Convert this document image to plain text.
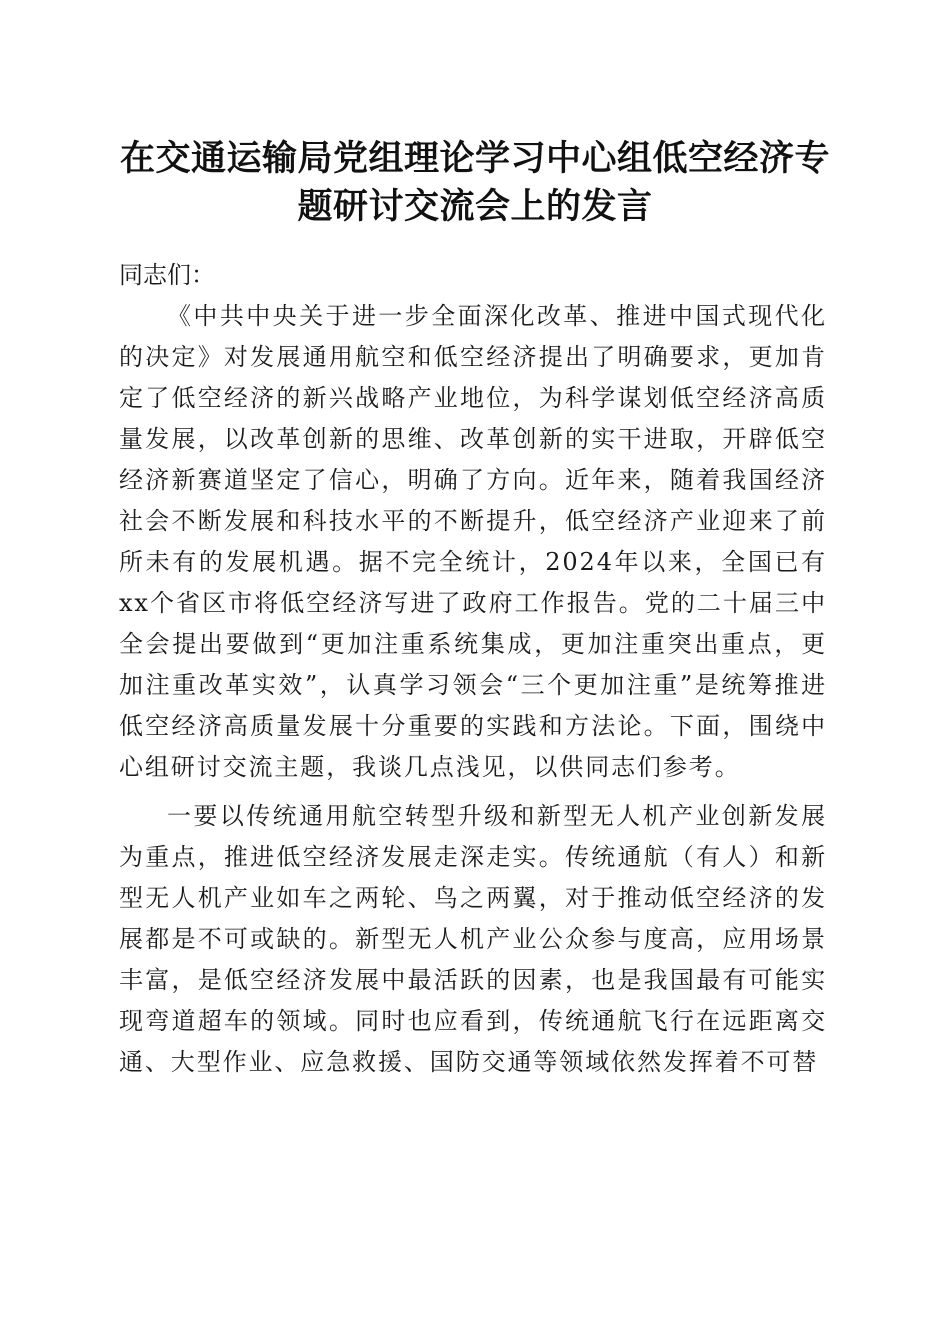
在交通运输局党组理论学习中心组低空经济专题研讨交流会上的发言

同志们：

《中共中央关于进一步全面深化改革、推进中国式现代化的决定》对发展通用航空和低空经济提出了明确要求，更加肯定了低空经济的新兴战略产业地位，为科学谋划低空经济高质量发展，以改革创新的思维、改革创新的实干进取，开辟低空经济新赛道坚定了信心，明确了方向。近年来，随着我国经济社会不断发展和科技水平的不断提升，低空经济产业迎来了前所未有的发展机遇。据不完全统计，2024年以来，全国已有xx个省区市将低空经济写进了政府工作报告。党的二十届三中全会提出要做到“更加注重系统集成，更加注重突出重点，更加注重改革实效”，认真学习领会“三个更加注重”是统筹推进低空经济高质量发展十分重要的实践和方法论。下面，围绕中心组研讨交流主题，我谈几点浅见，以供同志们参考。

一要以传统通用航空转型升级和新型无人机产业创新发展为重点，推进低空经济发展走深走实。传统通航（有人）和新型无人机产业如车之两轮、鸟之两翼，对于推动低空经济的发展都是不可或缺的。新型无人机产业公众参与度高，应用场景丰富，是低空经济发展中最活跃的因素，也是我国最有可能实现弯道超车的领域。同时也应看到，传统通航飞行在远距离交通、大型作业、应急救援、国防交通等领域依然发挥着不可替
